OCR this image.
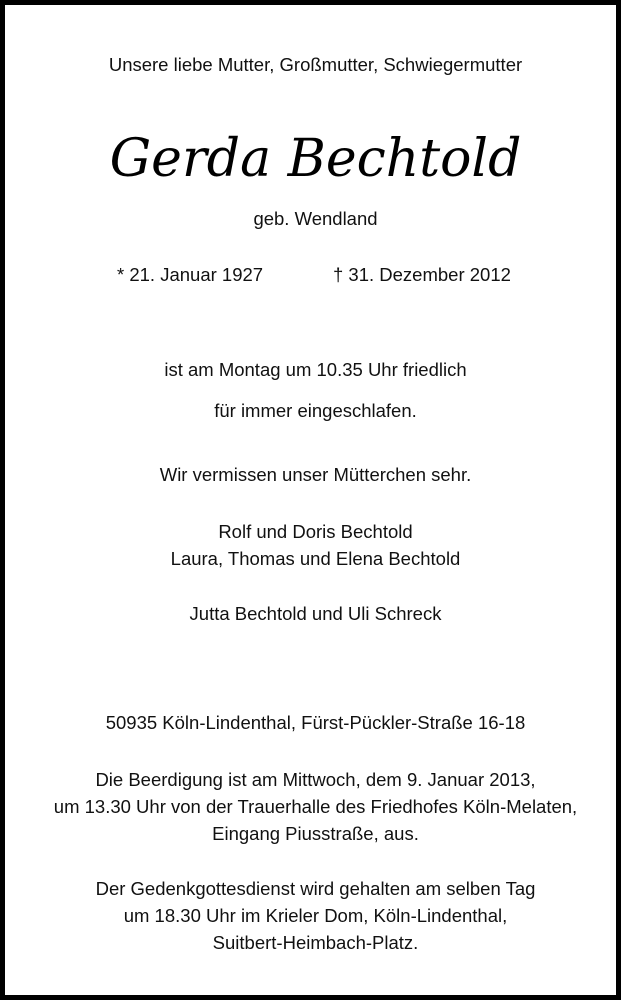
Unsere liebe Mutter, Großmutter, Schwiegermutter
Gerda Bechtold
geb. Wendland
* 21. Januar 1927	† 31. Dezember 2012
ist am Montag um 10.35 Uhr friedlich
für immer eingeschlafen.
Wir vermissen unser Mütterchen sehr.
Rolf und Doris Bechtold
Laura, Thomas und Elena Bechtold
Jutta Bechtold und Uli Schreck
50935 Köln-Lindenthal, Fürst-Pückler-Straße 16-18
Die Beerdigung ist am Mittwoch, dem 9. Januar 2013,
um 13.30 Uhr von der Trauerhalle des Friedhofes Köln-Melaten,
Eingang Piusstraße, aus.
Der Gedenkgottesdienst wird gehalten am selben Tag
um 18.30 Uhr im Krieler Dom, Köln-Lindenthal,
Suitbert-Heimbach-Platz.
